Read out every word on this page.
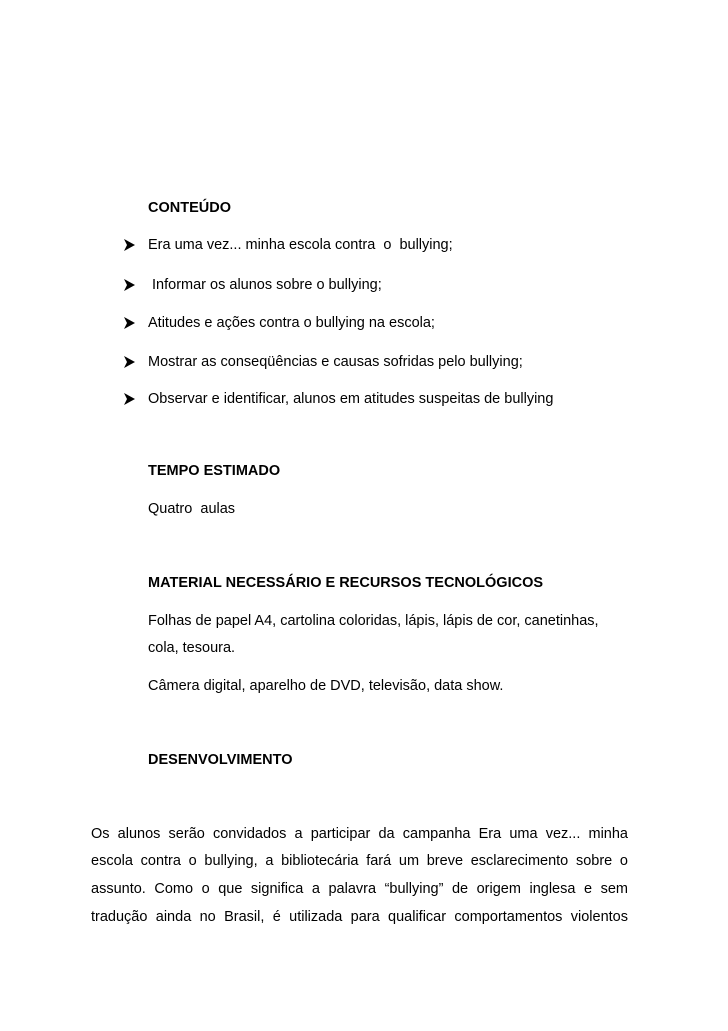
CONTEÚDO

Era uma vez... minha escola contra  o  bullying;

Informar os alunos sobre o bullying;

Atitudes e ações contra o bullying na escola;

Mostrar as conseqüências e causas sofridas pelo bullying;

Observar e identificar, alunos em atitudes suspeitas de bullying

TEMPO ESTIMADO
Quatro  aulas
MATERIAL NECESSÁRIO E RECURSOS TECNOLÓGICOS
Folhas de papel A4, cartolina coloridas, lápis, lápis de cor, canetinhas,
cola, tesoura.
Câmera digital, aparelho de DVD, televisão, data show.
DESENVOLVIMENTO
Os alunos serão convidados a participar da campanha Era uma vez... minha
escola contra o bullying, a bibliotecária fará um breve esclarecimento sobre o
assunto. Como o que significa a palavra “bullying” de origem inglesa e sem
tradução ainda no Brasil, é utilizada para qualificar comportamentos violentos
